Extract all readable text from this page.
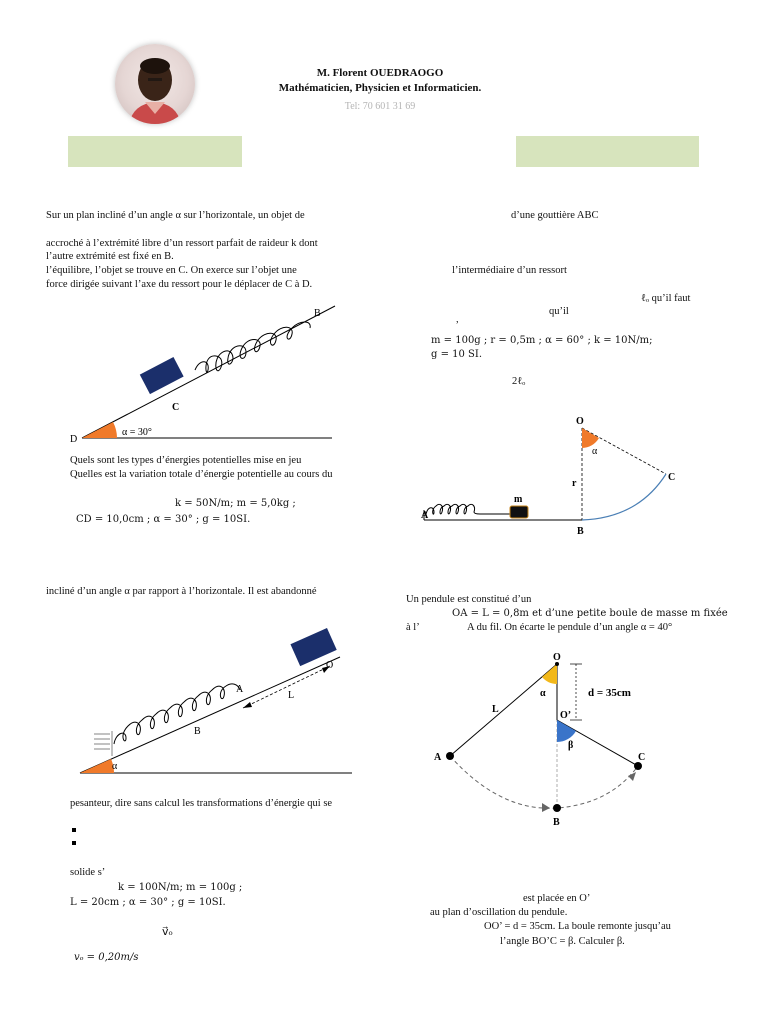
M. Florent OUEDRAOGO
Mathématicien, Physicien et Informaticien.
Tel: 70 601 31 69
Sur un plan incliné d’un angle α sur l’horizontale, un objet de
accroché à l’extrémité libre d’un ressort parfait de raideur k dont
l’autre extrémité est fixé en B.
l’équilibre, l’objet se trouve en C. On exerce sur l’objet une
force dirigée suivant l’axe du ressort pour le déplacer de C à D.
B
C
D
α = 30°
Quels sont les types d’énergies potentielles mise en jeu
Quelles est la variation totale d’énergie potentielle au cours du
k = 50N/m; m = 5,0kg ;
CD = 10,0cm ; α = 30° ; g = 10SI.
incliné d’un angle α par rapport à l’horizontale. Il est abandonné
A
B
L
O
α
pesanteur, dire sans calcul les transformations d’énergie qui se
solide s’
k = 100N/m; m = 100g ;
L = 20cm ; α = 30° ; g = 10SI.
v⃗ₒ
vₒ = 0,20m/s
d’une gouttière ABC
l’intermédiaire d’un ressort
ℓₒ qu’il faut
qu’il
,
m = 100g ; r = 0,5m ; α = 60° ; k = 10N/m;
g = 10 SI.
2ℓₒ
O
α
r
C
A
m
B
Un pendule est constitué d’un
OA = L = 0,8m et d’une petite boule de masse m fixée
à l’	A du fil. On écarte le pendule d’un angle α = 40°
O
α	d = 35cm
L
O’
β
A	C
B
est placée en O’
au plan d’oscillation du pendule.
OO’ = d = 35cm. La boule remonte jusqu’au
l’angle BO’C = β. Calculer β.
